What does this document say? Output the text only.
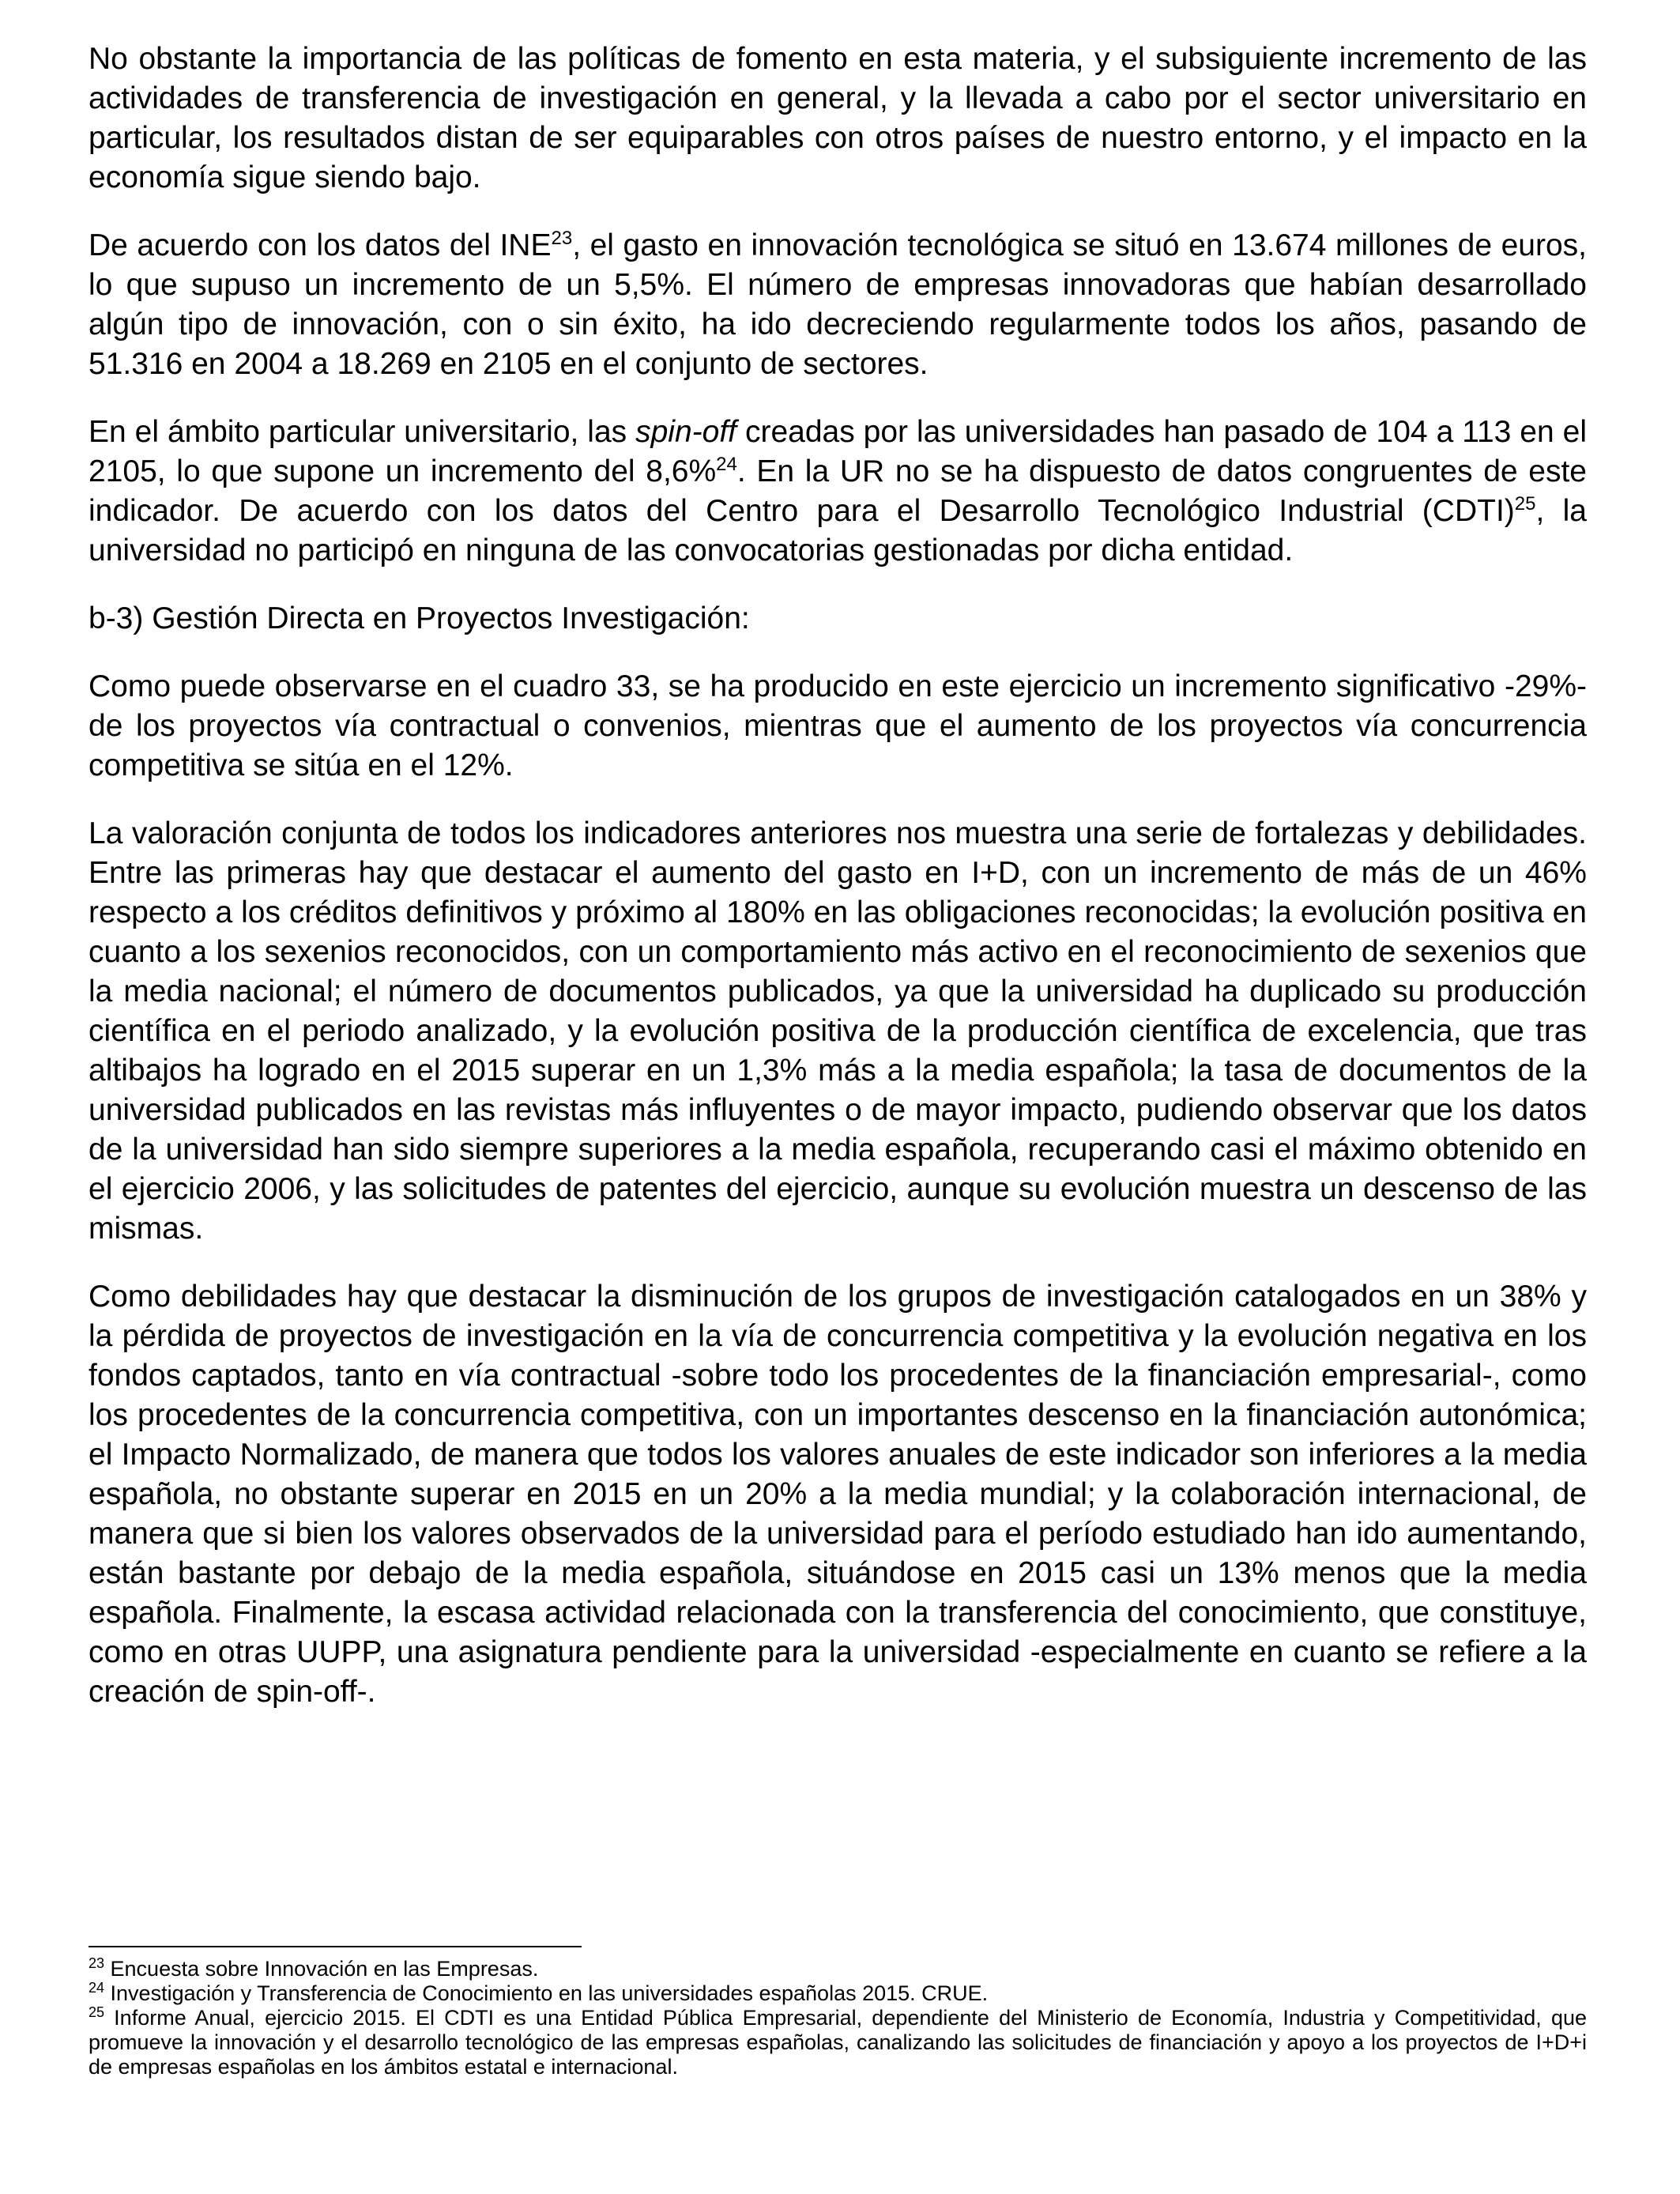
No obstante la importancia de las políticas de fomento en esta materia, y el subsiguiente incremento de las actividades de transferencia de investigación en general, y la llevada a cabo por el sector universitario en particular, los resultados distan de ser equiparables con otros países de nuestro entorno, y el impacto en la economía sigue siendo bajo.

De acuerdo con los datos del INE$^{23}$, el gasto en innovación tecnológica se situó en 13.674 millones de euros, lo que supuso un incremento de un 5,5%. El número de empresas innovadoras que habían desarrollado algún tipo de innovación, con o sin éxito, ha ido decreciendo regularmente todos los años, pasando de 51.316 en 2004 a 18.269 en 2105 en el conjunto de sectores.

En el ámbito particular universitario, las spin-off creadas por las universidades han pasado de 104 a 113 en el 2105, lo que supone un incremento del 8,6%$^{24}$. En la UR no se ha dispuesto de datos congruentes de este indicador. De acuerdo con los datos del Centro para el Desarrollo Tecnológico Industrial (CDTI)$^{25}$, la universidad no participó en ninguna de las convocatorias gestionadas por dicha entidad.

b-3) Gestión Directa en Proyectos Investigación:

Como puede observarse en el cuadro 33, se ha producido en este ejercicio un incremento significativo -29%- de los proyectos vía contractual o convenios, mientras que el aumento de los proyectos vía concurrencia competitiva se sitúa en el 12%.

La valoración conjunta de todos los indicadores anteriores nos muestra una serie de fortalezas y debilidades. Entre las primeras hay que destacar el aumento del gasto en I+D, con un incremento de más de un 46% respecto a los créditos definitivos y próximo al 180% en las obligaciones reconocidas; la evolución positiva en cuanto a los sexenios reconocidos, con un comportamiento más activo en el reconocimiento de sexenios que la media nacional; el número de documentos publicados, ya que la universidad ha duplicado su producción científica en el periodo analizado, y la evolución positiva de la producción científica de excelencia, que tras altibajos ha logrado en el 2015 superar en un 1,3% más a la media española; la tasa de documentos de la universidad publicados en las revistas más influyentes o de mayor impacto, pudiendo observar que los datos de la universidad han sido siempre superiores a la media española, recuperando casi el máximo obtenido en el ejercicio 2006, y las solicitudes de patentes del ejercicio, aunque su evolución muestra un descenso de las mismas.

Como debilidades hay que destacar la disminución de los grupos de investigación catalogados en un 38% y la pérdida de proyectos de investigación en la vía de concurrencia competitiva y la evolución negativa en los fondos captados, tanto en vía contractual -sobre todo los procedentes de la financiación empresarial-, como los procedentes de la concurrencia competitiva, con un importantes descenso en la financiación autonómica; el Impacto Normalizado, de manera que todos los valores anuales de este indicador son inferiores a la media española, no obstante superar en 2015 en un 20% a la media mundial; y la colaboración internacional, de manera que si bien los valores observados de la universidad para el período estudiado han ido aumentando, están bastante por debajo de la media española, situándose en 2015 casi un 13% menos que la media española. Finalmente, la escasa actividad relacionada con la transferencia del conocimiento, que constituye, como en otras UUPP, una asignatura pendiente para la universidad -especialmente en cuanto se refiere a la creación de spin-off-.

$^{23}$ Encuesta sobre Innovación en las Empresas.

$^{24}$ Investigación y Transferencia de Conocimiento en las universidades españolas 2015. CRUE.

$^{25}$ Informe Anual, ejercicio 2015. El CDTI es una Entidad Pública Empresarial, dependiente del Ministerio de Economía, Industria y Competitividad, que promueve la innovación y el desarrollo tecnológico de las empresas españolas, canalizando las solicitudes de financiación y apoyo a los proyectos de I+D+i de empresas españolas en los ámbitos estatal e internacional.
